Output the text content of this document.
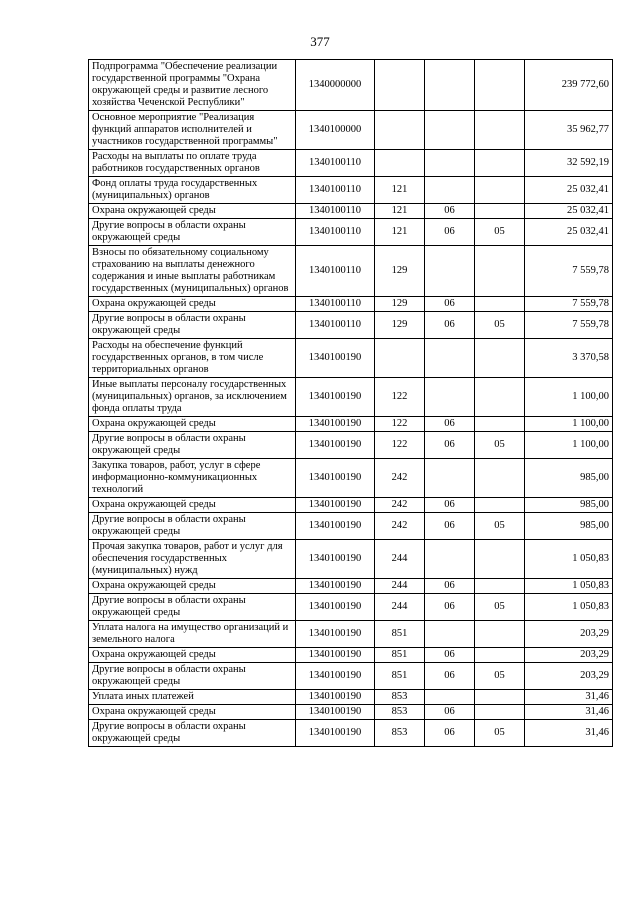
377
Подпрограмма "Обеспечение реализации государственной программы "Охрана окружающей среды и развитие лесного хозяйства Чеченской Республики"	1340000000				239 772,60
Основное мероприятие "Реализация функций аппаратов исполнителей и участников государственной программы"	1340100000				35 962,77
Расходы на выплаты по оплате труда работников государственных органов	1340100110				32 592,19
Фонд оплаты труда государственных (муниципальных) органов	1340100110	121			25 032,41
Охрана окружающей среды	1340100110	121	06		25 032,41
Другие вопросы в области охраны окружающей среды	1340100110	121	06	05	25 032,41
Взносы по обязательному социальному страхованию на выплаты денежного содержания и иные выплаты работникам государственных (муниципальных) органов	1340100110	129			7 559,78
Охрана окружающей среды	1340100110	129	06		7 559,78
Другие вопросы в области охраны окружающей среды	1340100110	129	06	05	7 559,78
Расходы на обеспечение функций государственных органов, в том числе территориальных органов	1340100190				3 370,58
Иные выплаты персоналу государственных (муниципальных) органов, за исключением фонда оплаты труда	1340100190	122			1 100,00
Охрана окружающей среды	1340100190	122	06		1 100,00
Другие вопросы в области охраны окружающей среды	1340100190	122	06	05	1 100,00
Закупка товаров, работ, услуг в сфере информационно-коммуникационных технологий	1340100190	242			985,00
Охрана окружающей среды	1340100190	242	06		985,00
Другие вопросы в области охраны окружающей среды	1340100190	242	06	05	985,00
Прочая закупка товаров, работ и услуг для обеспечения государственных (муниципальных) нужд	1340100190	244			1 050,83
Охрана окружающей среды	1340100190	244	06		1 050,83
Другие вопросы в области охраны окружающей среды	1340100190	244	06	05	1 050,83
Уплата налога на имущество организаций и земельного налога	1340100190	851			203,29
Охрана окружающей среды	1340100190	851	06		203,29
Другие вопросы в области охраны окружающей среды	1340100190	851	06	05	203,29
Уплата иных платежей	1340100190	853			31,46
Охрана окружающей среды	1340100190	853	06		31,46
Другие вопросы в области охраны окружающей среды	1340100190	853	06	05	31,46
